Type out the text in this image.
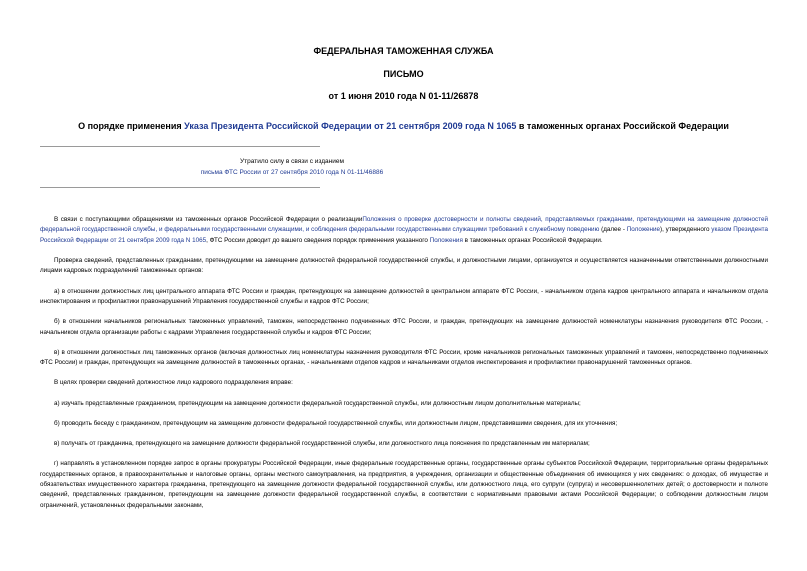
ФЕДЕРАЛЬНАЯ ТАМОЖЕННАЯ СЛУЖБА
ПИСЬМО
от 1 июня 2010 года N 01-11/26878
О порядке применения Указа Президента Российской Федерации от 21 сентября 2009 года N 1065 в таможенных органах Российской Федерации
Утратило силу в связи с изданием
письма ФТС России от 27 сентября 2010 года N 01-11/46886

В связи с поступающими обращениями из таможенных органов Российской Федерации о реализацииПоложения о проверке достоверности и полноты сведений, представляемых гражданами, претендующими на замещение должностей федеральной государственной службы, и федеральными государственными служащими, и соблюдения федеральными государственными служащими требований к служебному поведению (далее - Положение), утвержденного указом Президента Российской Федерации от 21 сентября 2009 года N 1065, ФТС России доводит до вашего сведения порядок применения указанного Положения в таможенных органах Российской Федерации.

Проверка сведений, представленных гражданами, претендующими на замещение должностей федеральной государственной службы, и должностными лицами, организуется и осуществляется назначенными ответственными должностными лицами кадровых подразделений таможенных органов:

а) в отношении должностных лиц центрального аппарата ФТС России и граждан, претендующих на замещение должностей в центральном аппарате ФТС России, - начальником отдела кадров центрального аппарата и начальником отдела инспектирования и профилактики правонарушений Управления государственной службы и кадров ФТС России;

б) в отношении начальников региональных таможенных управлений, таможен, непосредственно подчиненных ФТС России, и граждан, претендующих на замещение должностей номенклатуры назначения руководителя ФТС России, - начальником отдела организации работы с кадрами Управления государственной службы и кадров ФТС России;

в) в отношении должностных лиц таможенных органов (включая должностных лиц номенклатуры назначения руководителя ФТС России, кроме начальников региональных таможенных управлений и таможен, непосредственно подчиненных ФТС России) и граждан, претендующих на замещение должностей в таможенных органах, - начальниками отделов кадров и начальниками отделов инспектирования и профилактики правонарушений таможенных органов.

В целях проверки сведений должностное лицо кадрового подразделения вправе:

а) изучать представленные гражданином, претендующим на замещение должности федеральной государственной службы, или должностным лицом дополнительные материалы;

б) проводить беседу с гражданином, претендующим на замещение должности федеральной государственной службы, или должностным лицом, представившими сведения, для их уточнения;

в) получать от гражданина, претендующего на замещение должности федеральной государственной службы, или должностного лица пояснения по представленным им материалам;

г) направлять в установленном порядке запрос в органы прокуратуры Российской Федерации, иные федеральные государственные органы, государственные органы субъектов Российской Федерации, территориальные органы федеральных государственных органов, в правоохранительные и налоговые органы, органы местного самоуправления, на предприятия, в учреждения, организации и общественные объединения об имеющихся у них сведениях: о доходах, об имуществе и обязательствах имущественного характера гражданина, претендующего на замещение должности федеральной государственной службы, или должностного лица, его супруги (супруга) и несовершеннолетних детей; о достоверности и полноте сведений, представленных гражданином, претендующим на замещение должности федеральной государственной службы, в соответствии с нормативными правовыми актами Российской Федерации; о соблюдении должностным лицом ограничений, установленных федеральными законами,
